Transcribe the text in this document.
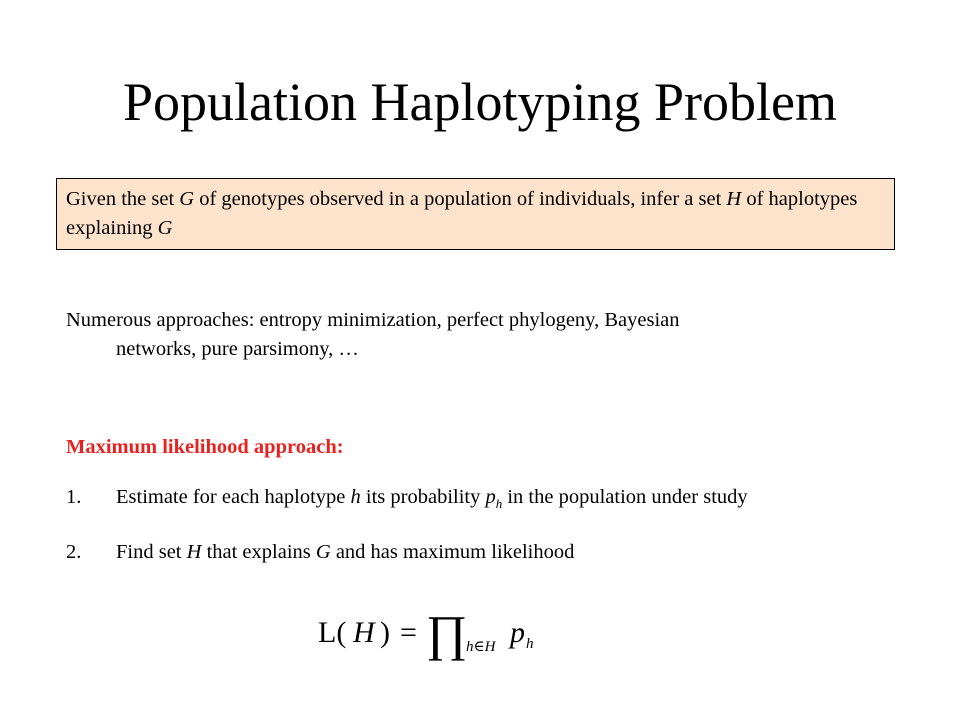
Population Haplotyping Problem
Given the set G of genotypes observed in a population of individuals, infer a set H of haplotypes explaining G
Numerous approaches: entropy minimization, perfect phylogeny, Bayesian
networks, pure parsimony, …
Maximum likelihood approach:
1.	Estimate for each haplotype h its probability $p_h$ in the population under study
2.	Find set H that explains G and has maximum likelihood
L( H ) = ∏
h∈H p h
